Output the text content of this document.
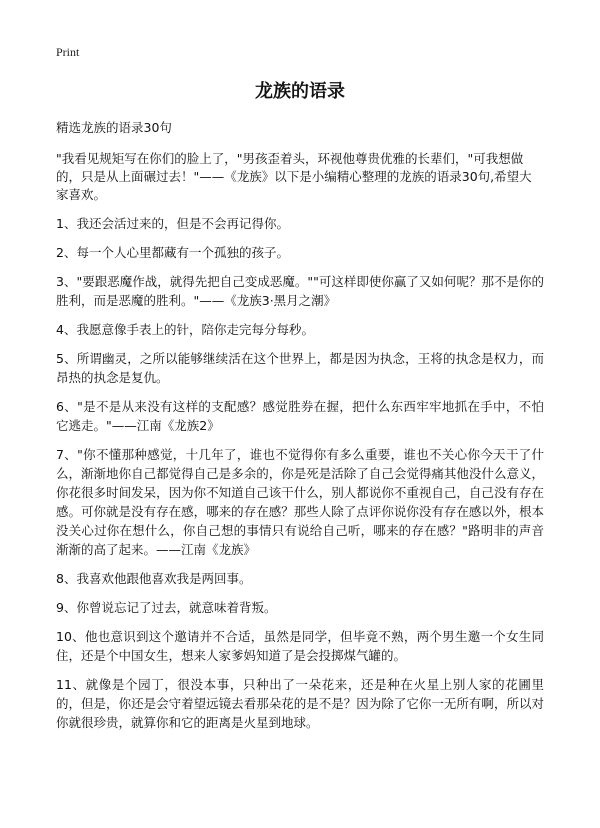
Print
龙族的语录
精选龙族的语录30句
"我看见规矩写在你们的脸上了，"男孩歪着头，环视他尊贵优雅的长辈们，"可我想做的，只是从上面碾过去！"——《龙族》以下是小编精心整理的龙族的语录30句,希望大家喜欢。
1、我还会活过来的，但是不会再记得你。
2、每一个人心里都藏有一个孤独的孩子。
3、"要跟恶魔作战，就得先把自己变成恶魔。""可这样即使你赢了又如何呢？那不是你的胜利，而是恶魔的胜利。"——《龙族3·黑月之潮》
4、我愿意像手表上的针，陪你走完每分每秒。
5、所谓幽灵，之所以能够继续活在这个世界上，都是因为执念，王将的执念是权力，而昂热的执念是复仇。
6、"是不是从来没有这样的支配感？感觉胜券在握，把什么东西牢牢地抓在手中，不怕它逃走。"——江南《龙族2》
7、"你不懂那种感觉，十几年了，谁也不觉得你有多么重要，谁也不关心你今天干了什么，渐渐地你自己都觉得自己是多余的，你是死是活除了自己会觉得痛其他没什么意义，你花很多时间发呆，因为你不知道自己该干什么，别人都说你不重视自己，自己没有存在感。可你就是没有存在感，哪来的存在感？那些人除了点评你说你没有存在感以外，根本没关心过你在想什么，你自己想的事情只有说给自己听，哪来的存在感？"路明非的声音渐渐的高了起来。——江南《龙族》
8、我喜欢他跟他喜欢我是两回事。
9、你曾说忘记了过去，就意味着背叛。
10、他也意识到这个邀请并不合适，虽然是同学，但毕竟不熟，两个男生邀一个女生同住，还是个中国女生，想来人家爹妈知道了是会投掷煤气罐的。
11、就像是个园丁，很没本事，只种出了一朵花来，还是种在火星上别人家的花圃里的，但是，你还是会守着望远镜去看那朵花的是不是？因为除了它你一无所有啊，所以对你就很珍贵，就算你和它的距离是火星到地球。
